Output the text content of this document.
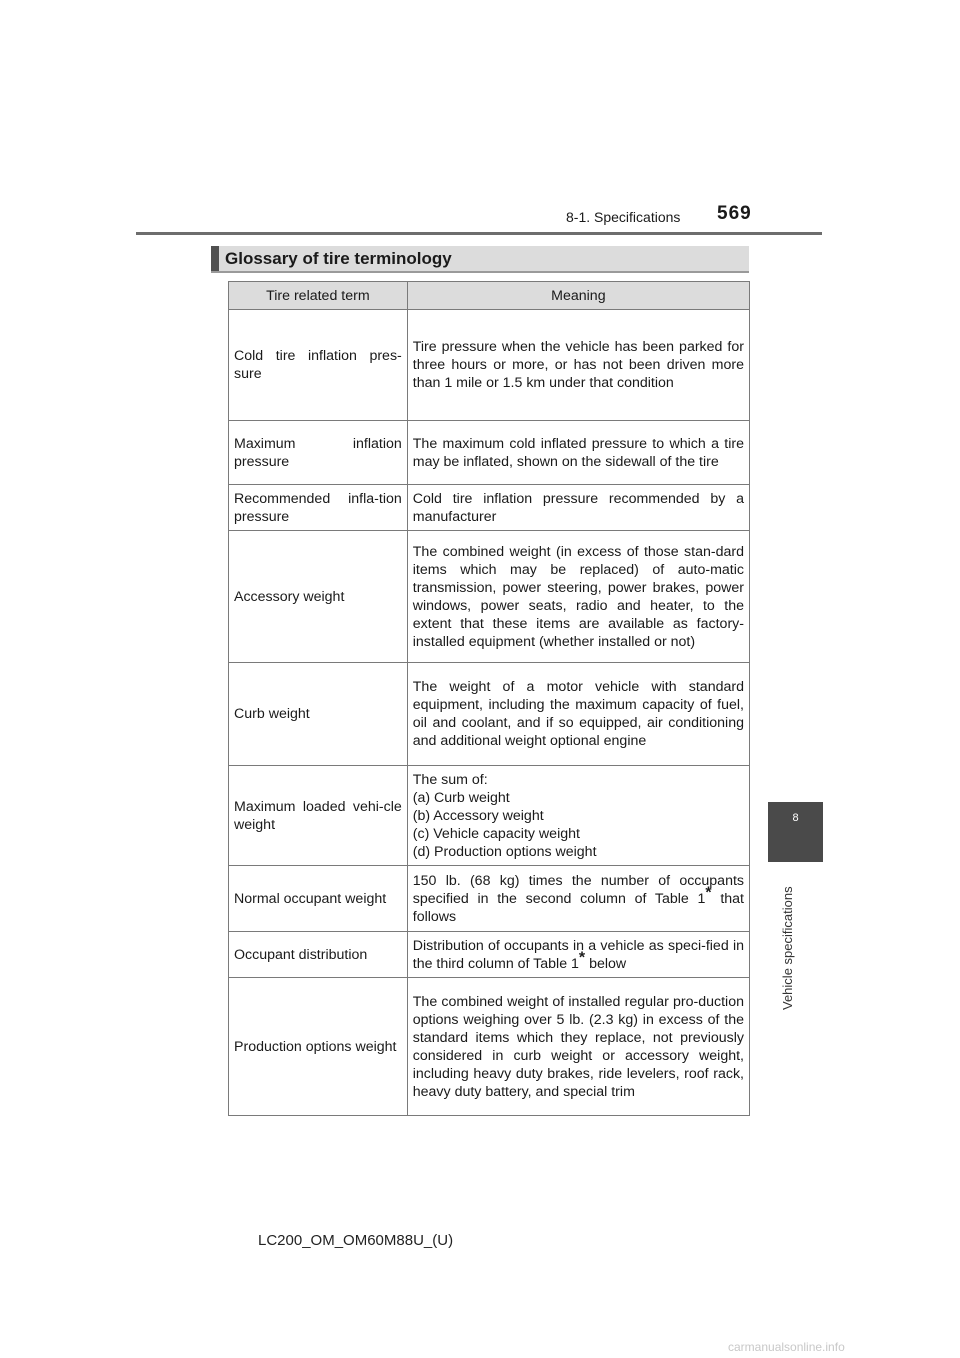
8-1. Specifications 569
8
Vehicle specifications
Glossary of tire terminology
Tire related term	Meaning
Cold tire inflation pres-sure	Tire pressure when the vehicle has been parked for three hours or more, or has not been driven more than 1 mile or 1.5 km under that condition
Maximum inflation pressure	The maximum cold inflated pressure to which a tire may be inflated, shown on the sidewall of the tire
Recommended infla-tion pressure	Cold tire inflation pressure recommended by a manufacturer
Accessory weight	The combined weight (in excess of those stan-dard items which may be replaced) of auto-matic transmission, power steering, power brakes, power windows, power seats, radio and heater, to the extent that these items are available as factory-installed equipment (whether installed or not)
Curb weight	The weight of a motor vehicle with standard equipment, including the maximum capacity of fuel, oil and coolant, and if so equipped, air conditioning and additional weight optional engine
Maximum loaded vehi-cle weight	The sum of:
(a) Curb weight
(b) Accessory weight
(c) Vehicle capacity weight
(d) Production options weight

Normal occupant weight	150 lb. (68 kg) times the number of occupants specified in the second column of Table 1* that follows
Occupant distribution	Distribution of occupants in a vehicle as speci-fied in the third column of Table 1* below
Production options weight	The combined weight of installed regular pro-duction options weighing over 5 lb. (2.3 kg) in excess of the standard items which they replace, not previously considered in curb weight or accessory weight, including heavy duty brakes, ride levelers, roof rack, heavy duty battery, and special trim
LC200_OM_OM60M88U_(U)
carmanualsonline.info
